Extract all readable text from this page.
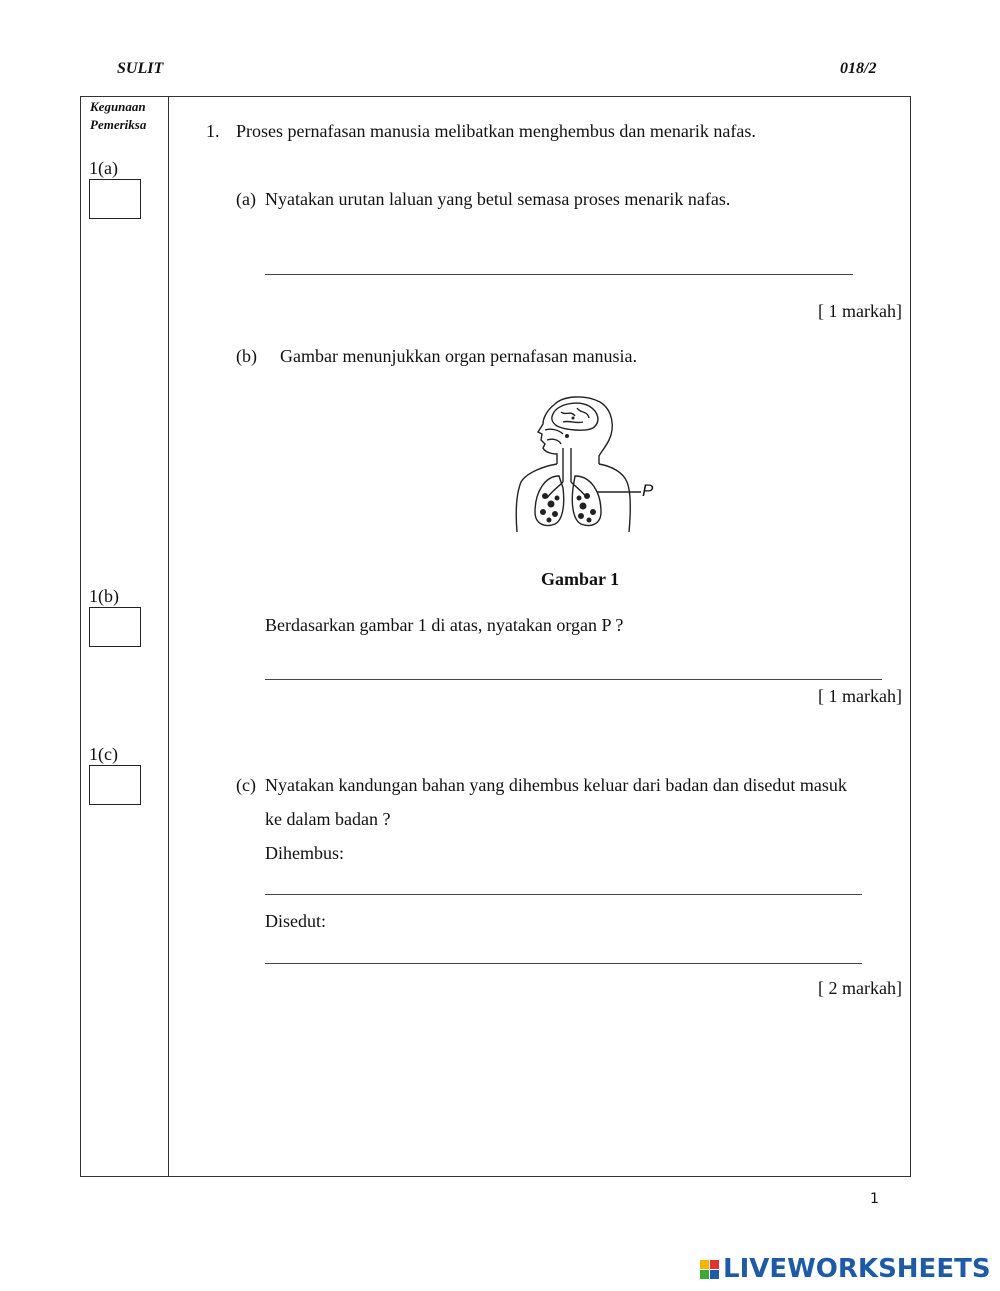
SULIT	018/2
Kegunaan
Pemeriksa
1(a)
1(b)
1(c)
1. Proses pernafasan manusia melibatkan menghembus dan menarik nafas.
(a) Nyatakan urutan laluan yang betul semasa proses menarik nafas.
[ 1 markah]
(b) Gambar menunjukkan organ pernafasan manusia.
P
Gambar 1
Berdasarkan gambar 1 di atas, nyatakan organ P ?
[ 1 markah]
(c) Nyatakan kandungan bahan yang dihembus keluar dari badan dan disedut masuk
ke dalam badan ?
Dihembus:
Disedut:
[ 2 markah]
1
LIVEWORKSHEETS
